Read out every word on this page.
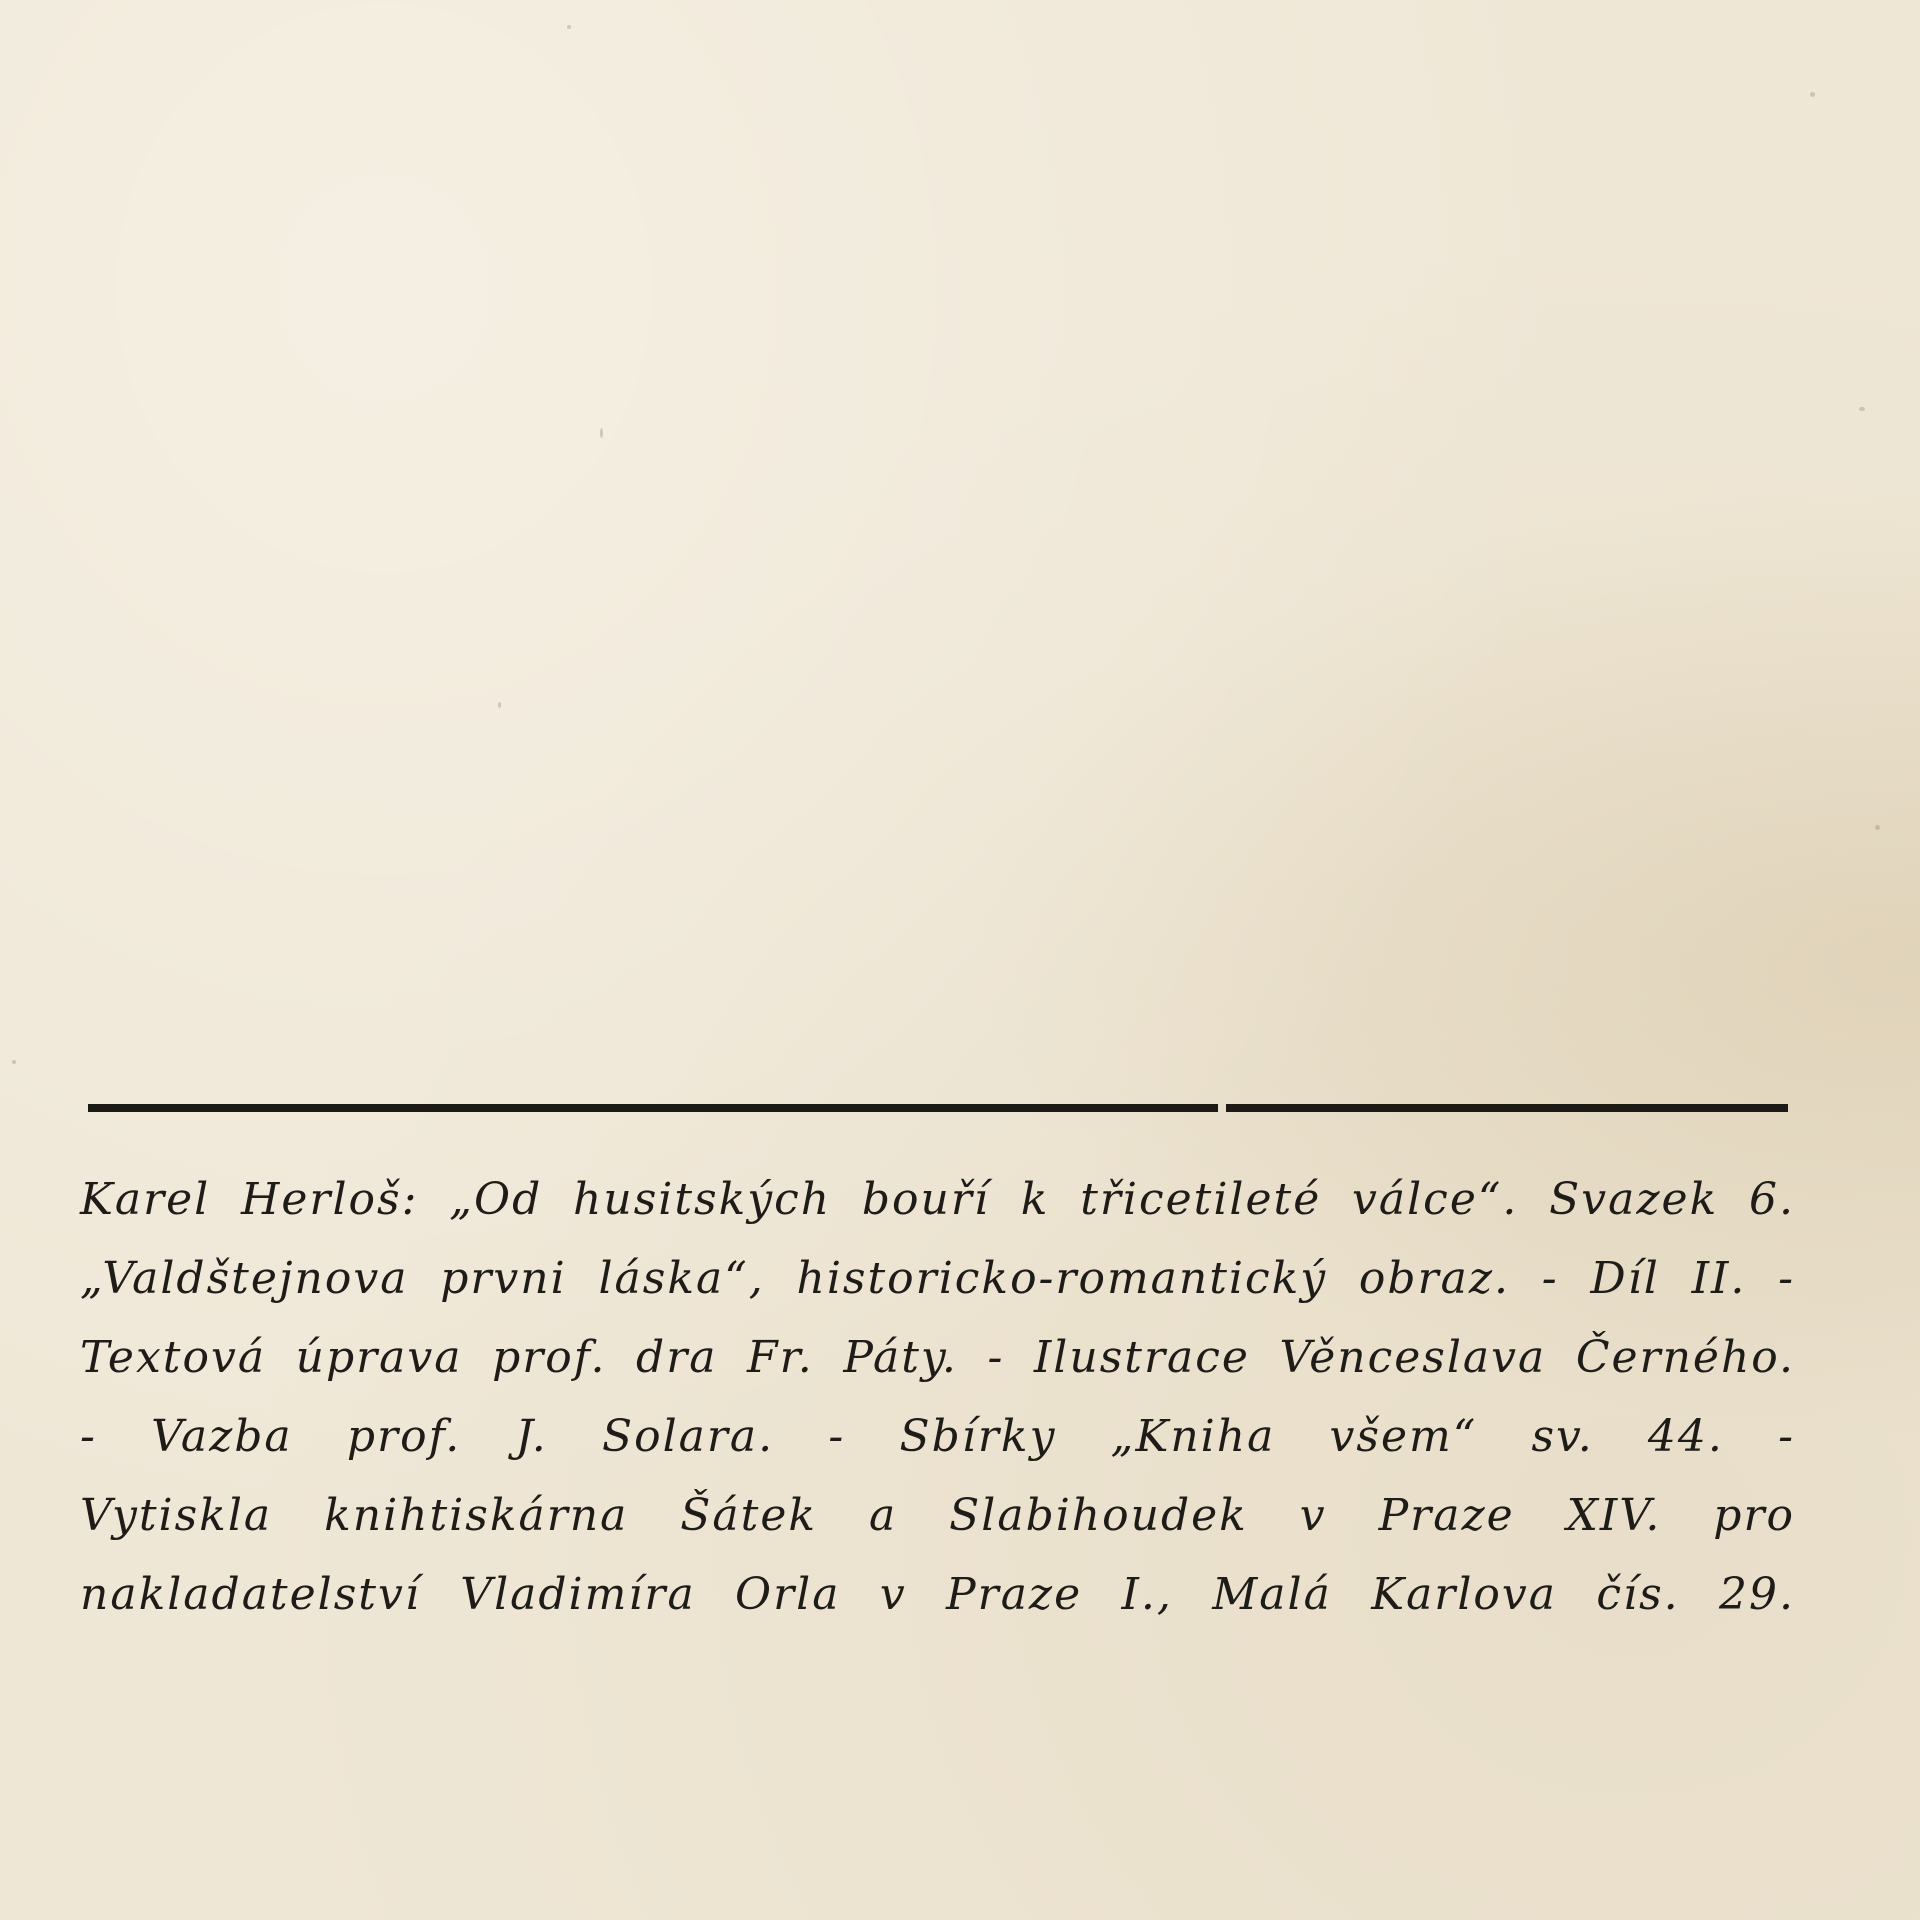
Karel Herloš: „Od husitských bouří k třicetileté válce“. Svazek 6.
„Valdštejnova prvni láska“, historicko-romantický obraz. - Díl II. -
Textová úprava prof. dra Fr. Páty. - Ilustrace Věnceslava Černého.
- Vazba prof. J. Solara. - Sbírky „Kniha všem“ sv. 44. -
Vytiskla knihtiskárna Šátek a Slabihoudek v Praze XIV. pro
nakladatelství Vladimíra Orla v Praze I., Malá Karlova čís. 29.
